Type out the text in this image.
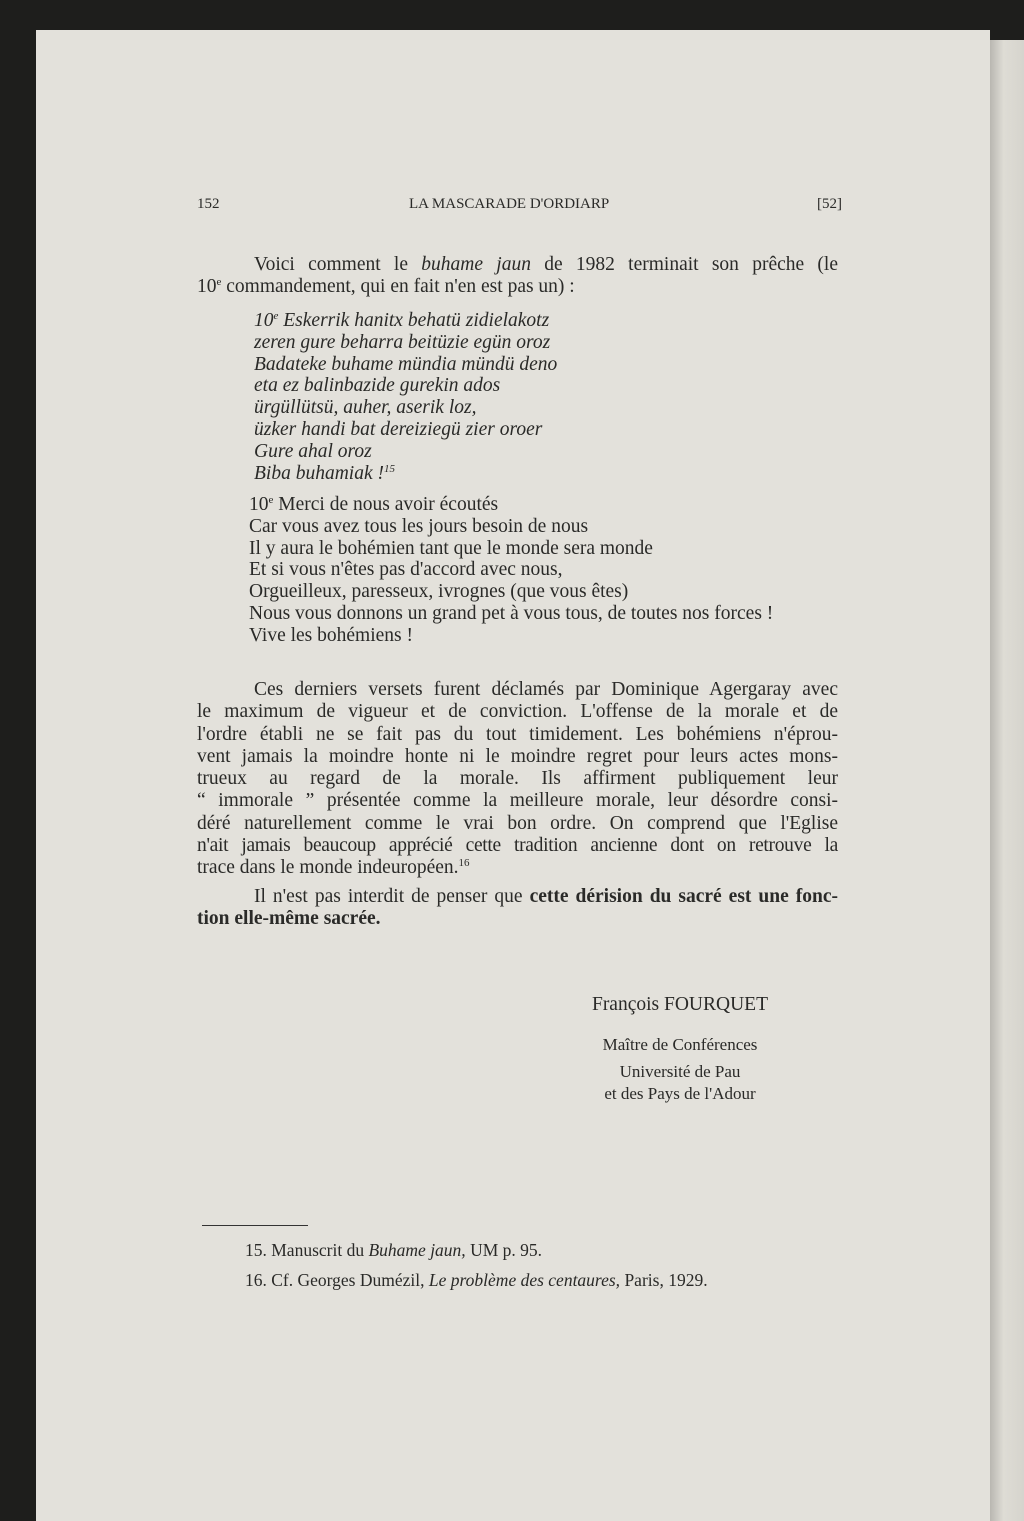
152	LA MASCARADE D'ORDIARP	[52]
Voici comment le buhame jaun de 1982 terminait son prêche (le
10e commandement, qui en fait n'en est pas un) :
10e Eskerrik hanitx behatü zidielakotz
zeren gure beharra beitüzie egün oroz
Badateke buhame mündia mündü deno
eta ez balinbazide gurekin ados
ürgüllütsü, auher, aserik loz,
üzker handi bat dereiziegü zier oroer
Gure ahal oroz
Biba buhamiak !$^{15}$
10e Merci de nous avoir écoutés
Car vous avez tous les jours besoin de nous
Il y aura le bohémien tant que le monde sera monde
Et si vous n'êtes pas d'accord avec nous,
Orgueilleux, paresseux, ivrognes (que vous êtes)
Nous vous donnons un grand pet à vous tous, de toutes nos forces !
Vive les bohémiens !
Ces derniers versets furent déclamés par Dominique Agergaray avec
le maximum de vigueur et de conviction. L'offense de la morale et de
l'ordre établi ne se fait pas du tout timidement. Les bohémiens n'éprou-
vent jamais la moindre honte ni le moindre regret pour leurs actes mons-
trueux au regard de la morale. Ils affirment publiquement leur
“ immorale ” présentée comme la meilleure morale, leur désordre consi-
déré naturellement comme le vrai bon ordre. On comprend que l'Eglise
n'ait jamais beaucoup apprécié cette tradition ancienne dont on retrouve la
trace dans le monde indeuropéen.$^{16}$
Il n'est pas interdit de penser que cette dérision du sacré est une fonc-
tion elle-même sacrée.
François FOURQUET
Maître de Conférences
Université de Pau
et des Pays de l'Adour
15. Manuscrit du Buhame jaun, UM p. 95.
16. Cf. Georges Dumézil, Le problème des centaures, Paris, 1929.
